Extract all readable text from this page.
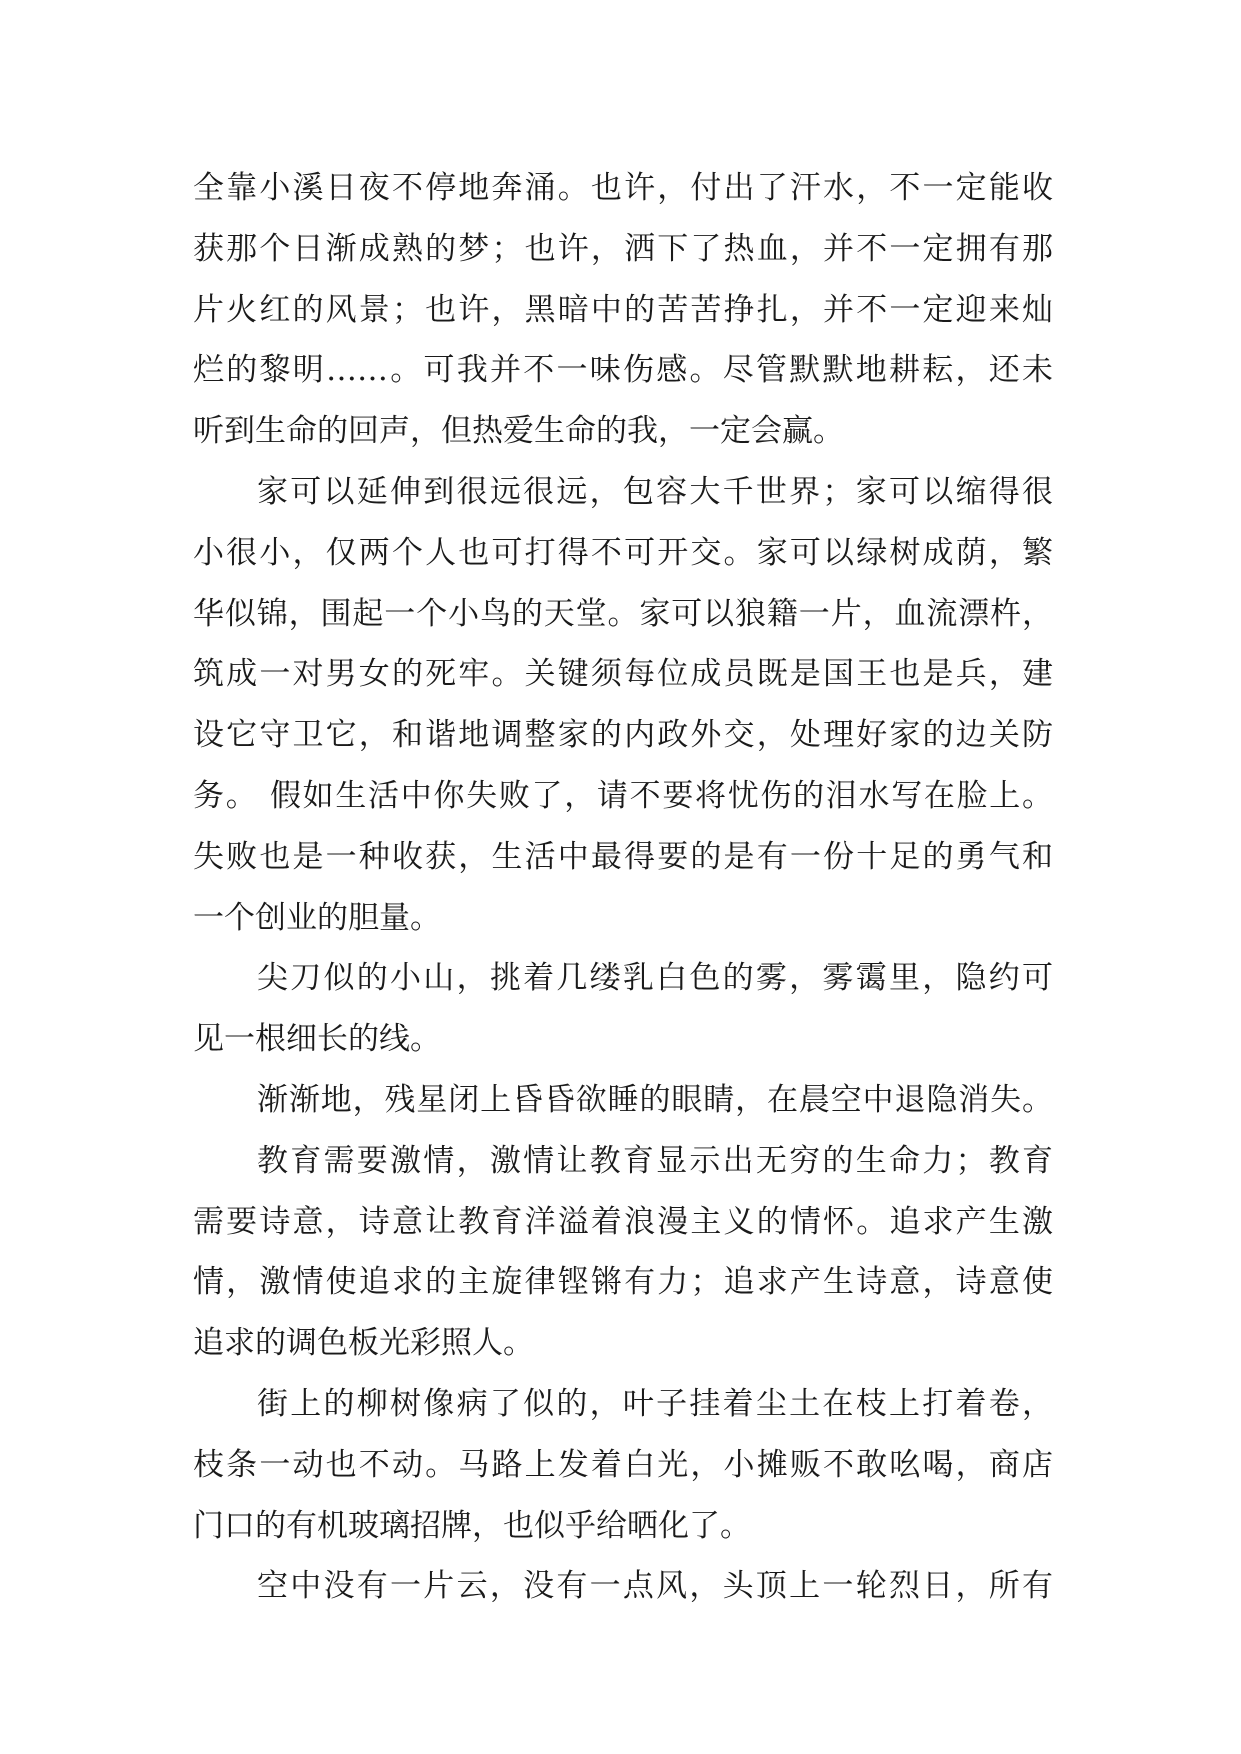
全靠小溪日夜不停地奔涌。也许，付出了汗水，不一定能收
获那个日渐成熟的梦；也许，洒下了热血，并不一定拥有那
片火红的风景；也许，黑暗中的苦苦挣扎，并不一定迎来灿
烂的黎明……。可我并不一味伤感。尽管默默地耕耘，还未
听到生命的回声，但热爱生命的我，一定会赢。
家可以延伸到很远很远，包容大千世界；家可以缩得很
小很小，仅两个人也可打得不可开交。家可以绿树成荫，繁
华似锦，围起一个小鸟的天堂。家可以狼籍一片，血流漂杵，
筑成一对男女的死牢。关键须每位成员既是国王也是兵，建
设它守卫它，和谐地调整家的内政外交，处理好家的边关防
务。 假如生活中你失败了，请不要将忧伤的泪水写在脸上。
失败也是一种收获，生活中最得要的是有一份十足的勇气和
一个创业的胆量。
尖刀似的小山，挑着几缕乳白色的雾，雾霭里，隐约可
见一根细长的线。
渐渐地，残星闭上昏昏欲睡的眼睛，在晨空中退隐消失。
教育需要激情，激情让教育显示出无穷的生命力；教育
需要诗意，诗意让教育洋溢着浪漫主义的情怀。追求产生激
情，激情使追求的主旋律铿锵有力；追求产生诗意，诗意使
追求的调色板光彩照人。
街上的柳树像病了似的，叶子挂着尘土在枝上打着卷，
枝条一动也不动。马路上发着白光，小摊贩不敢吆喝，商店
门口的有机玻璃招牌，也似乎给晒化了。
空中没有一片云，没有一点风，头顶上一轮烈日，所有
